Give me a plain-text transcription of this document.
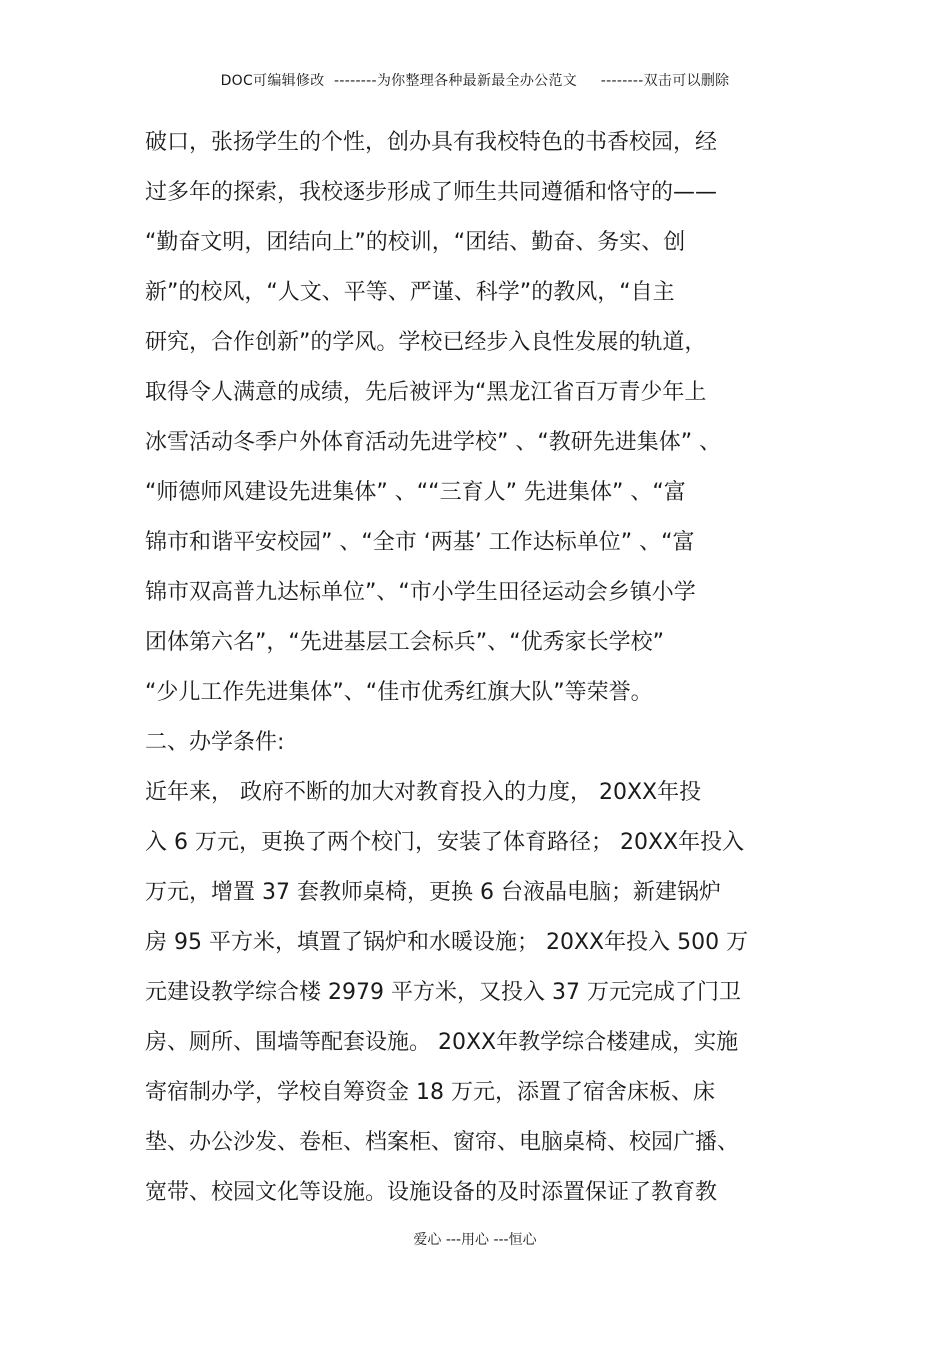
DOC可编辑修改  --------为你整理各种最新最全办公范文     --------双击可以删除
破口，张扬学生的个性，创办具有我校特色的书香校园，经
过多年的探索，我校逐步形成了师生共同遵循和恪守的——
“勤奋文明，团结向上”的校训，“团结、勤奋、务实、创
新”的校风，“人文、平等、严谨、科学”的教风，“自主
研究，合作创新”的学风。学校已经步入良性发展的轨道，
取得令人满意的成绩，先后被评为“黑龙江省百万青少年上
冰雪活动冬季户外体育活动先进学校” 、“教研先进集体” 、
“师德师风建设先进集体” 、““三育人” 先进集体” 、“富
锦市和谐平安校园” 、“全市 ‘两基’ 工作达标单位” 、“富
锦市双高普九达标单位”、“市小学生田径运动会乡镇小学
团体第六名”，“先进基层工会标兵”、“优秀家长学校”
“少儿工作先进集体”、“佳市优秀红旗大队”等荣誉。
二、办学条件:
近年来， 政府不断的加大对教育投入的力度， 20XX年投
入 6 万元，更换了两个校门，安装了体育路径； 20XX年投入
万元，增置 37 套教师桌椅，更换 6 台液晶电脑；新建锅炉
房 95 平方米，填置了锅炉和水暖设施； 20XX年投入 500 万
元建设教学综合楼 2979 平方米，又投入 37 万元完成了门卫
房、厕所、围墙等配套设施。 20XX年教学综合楼建成，实施
寄宿制办学，学校自筹资金 18 万元，添置了宿舍床板、床
垫、办公沙发、卷柜、档案柜、窗帘、电脑桌椅、校园广播、
宽带、校园文化等设施。设施设备的及时添置保证了教育教
爱心 ---用心 ---恒心
